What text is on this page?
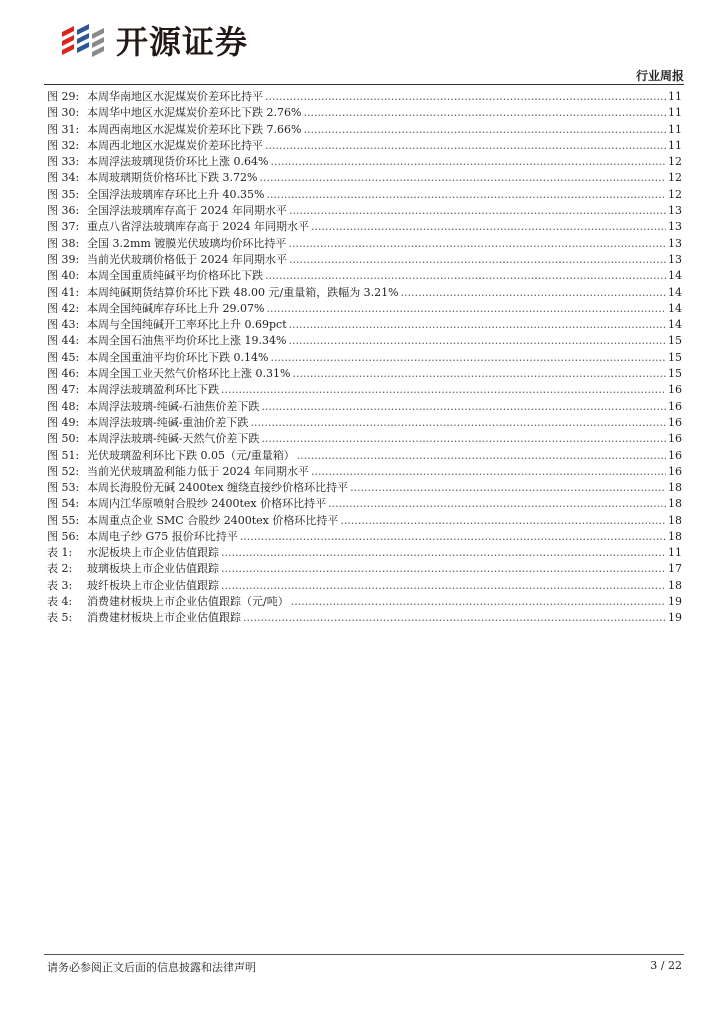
开源证券
行业周报
图 29: 本周华南地区水泥煤炭价差环比持平 .....	11
图 30: 本周华中地区水泥煤炭价差环比下跌 2.76% .....	11
图 31: 本周西南地区水泥煤炭价差环比下跌 7.66% .....	11
图 32: 本周西北地区水泥煤炭价差环比持平 .....	11
图 33: 本周浮法玻璃现货价环比上涨 0.64% .....	12
图 34: 本周玻璃期货价格环比下跌 3.72% .....	12
图 35: 全国浮法玻璃库存环比上升 40.35% .....	12
图 36: 全国浮法玻璃库存高于 2024 年同期水平 .....	13
图 37: 重点八省浮法玻璃库存高于 2024 年同期水平 .....	13
图 38: 全国 3.2mm 镀膜光伏玻璃均价环比持平 .....	13
图 39: 当前光伏玻璃价格低于 2024 年同期水平 .....	13
图 40: 本周全国重质纯碱平均价格环比下跌 .....	14
图 41: 本周纯碱期货结算价环比下跌 48.00 元/重量箱，跌幅为 3.21% .....	14
图 42: 本周全国纯碱库存环比上升 29.07% .....	14
图 43: 本周与全国纯碱开工率环比上升 0.69pct .....	14
图 44: 本周全国石油焦平均价环比上涨 19.34% .....	15
图 45: 本周全国重油平均价环比下跌 0.14% .....	15
图 46: 本周全国工业天然气价格环比上涨 0.31% .....	15
图 47: 本周浮法玻璃盈利环比下跌 .....	16
图 48: 本周浮法玻璃-纯碱-石油焦价差下跌 .....	16
图 49: 本周浮法玻璃-纯碱-重油价差下跌 .....	16
图 50: 本周浮法玻璃-纯碱-天然气价差下跌 .....	16
图 51: 光伏玻璃盈利环比下跌 0.05（元/重量箱） .....	16
图 52: 当前光伏玻璃盈利能力低于 2024 年同期水平 .....	16
图 53: 本周长海股份无碱 2400tex 缠绕直接纱价格环比持平 .....	18
图 54: 本周内江华原喷射合股纱 2400tex 价格环比持平 .....	18
图 55: 本周重点企业 SMC 合股纱 2400tex 价格环比持平 .....	18
图 56: 本周电子纱 G75 报价环比持平 .....	18
表 1:	水泥板块上市企业估值跟踪 .....	11
表 2:	玻璃板块上市企业估值跟踪 .....	17
表 3:	玻纤板块上市企业估值跟踪 .....	18
表 4:	消费建材板块上市企业估值跟踪（元/吨） .....	19
表 5:	消费建材板块上市企业估值跟踪 .....	19
请务必参阅正文后面的信息披露和法律声明	3 / 22
